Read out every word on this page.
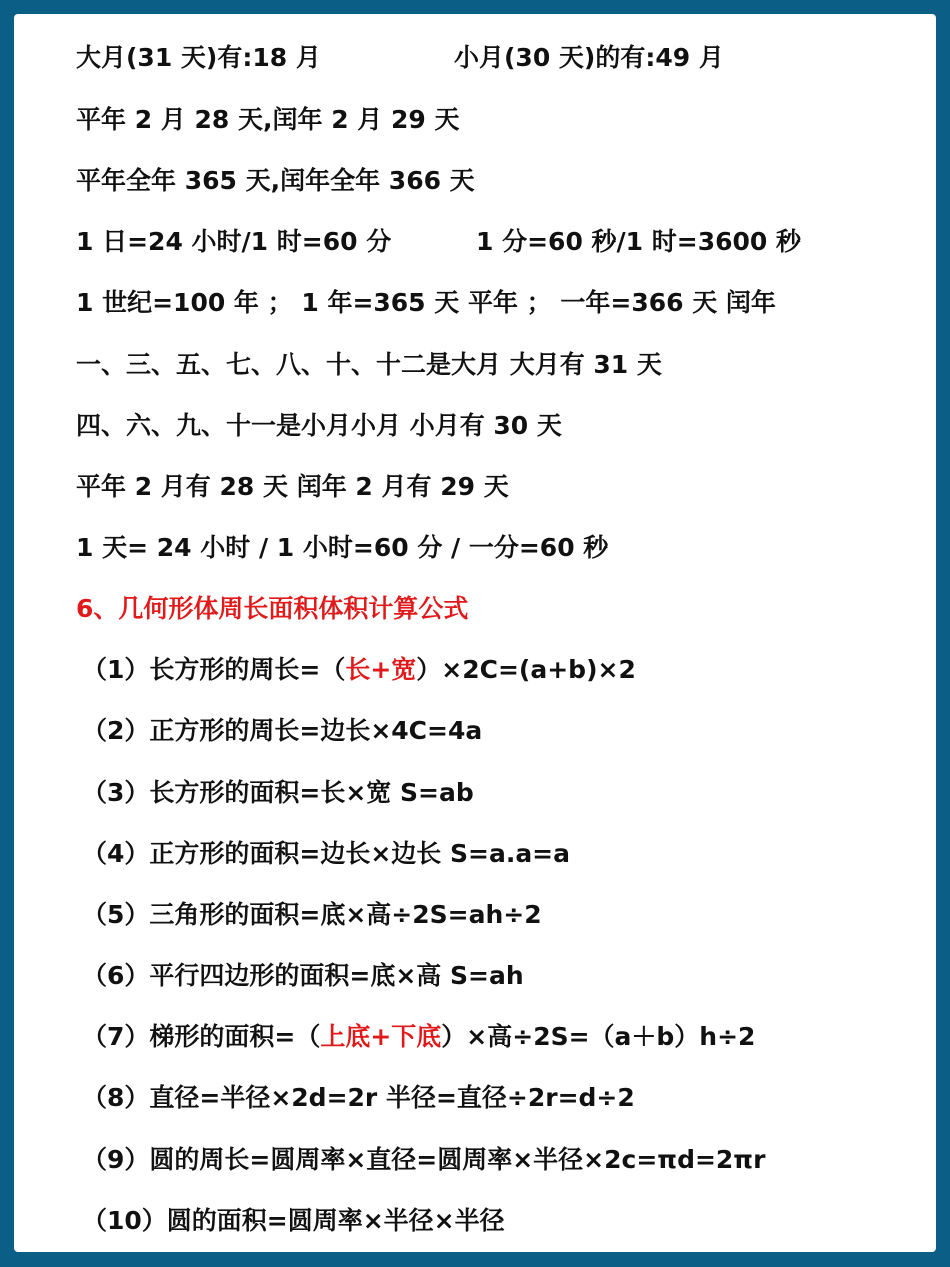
大月(31 天)有:18 月	小月(30 天)的有:49 月
平年 2 月 28 天,闰年 2 月 29 天
平年全年 365 天,闰年全年 366 天
1 日=24 小时/1 时=60 分	1 分=60 秒/1 时=3600 秒
1 世纪=100 年 ； 1 年=365 天 平年 ； 一年=366 天 闰年
一、三、五、七、八、十、十二是大月 大月有 31 天
四、六、九、十一是小月小月 小月有 30 天
平年 2 月有 28 天 闰年 2 月有 29 天
1 天= 24 小时 / 1 小时=60 分 / 一分=60 秒
6、几何形体周长面积体积计算公式
（1）长方形的周长=（长+宽）×2C=(a+b)×2
（2）正方形的周长=边长×4C=4a
（3）长方形的面积=长×宽 S=ab
（4）正方形的面积=边长×边长 S=a.a=a
（5）三角形的面积=底×高÷2S=ah÷2
（6）平行四边形的面积=底×高 S=ah
（7）梯形的面积=（上底+下底）×高÷2S=（a＋b）h÷2
（8）直径=半径×2d=2r 半径=直径÷2r=d÷2
（9）圆的周长=圆周率×直径=圆周率×半径×2c=πd=2πr
（10）圆的面积=圆周率×半径×半径
